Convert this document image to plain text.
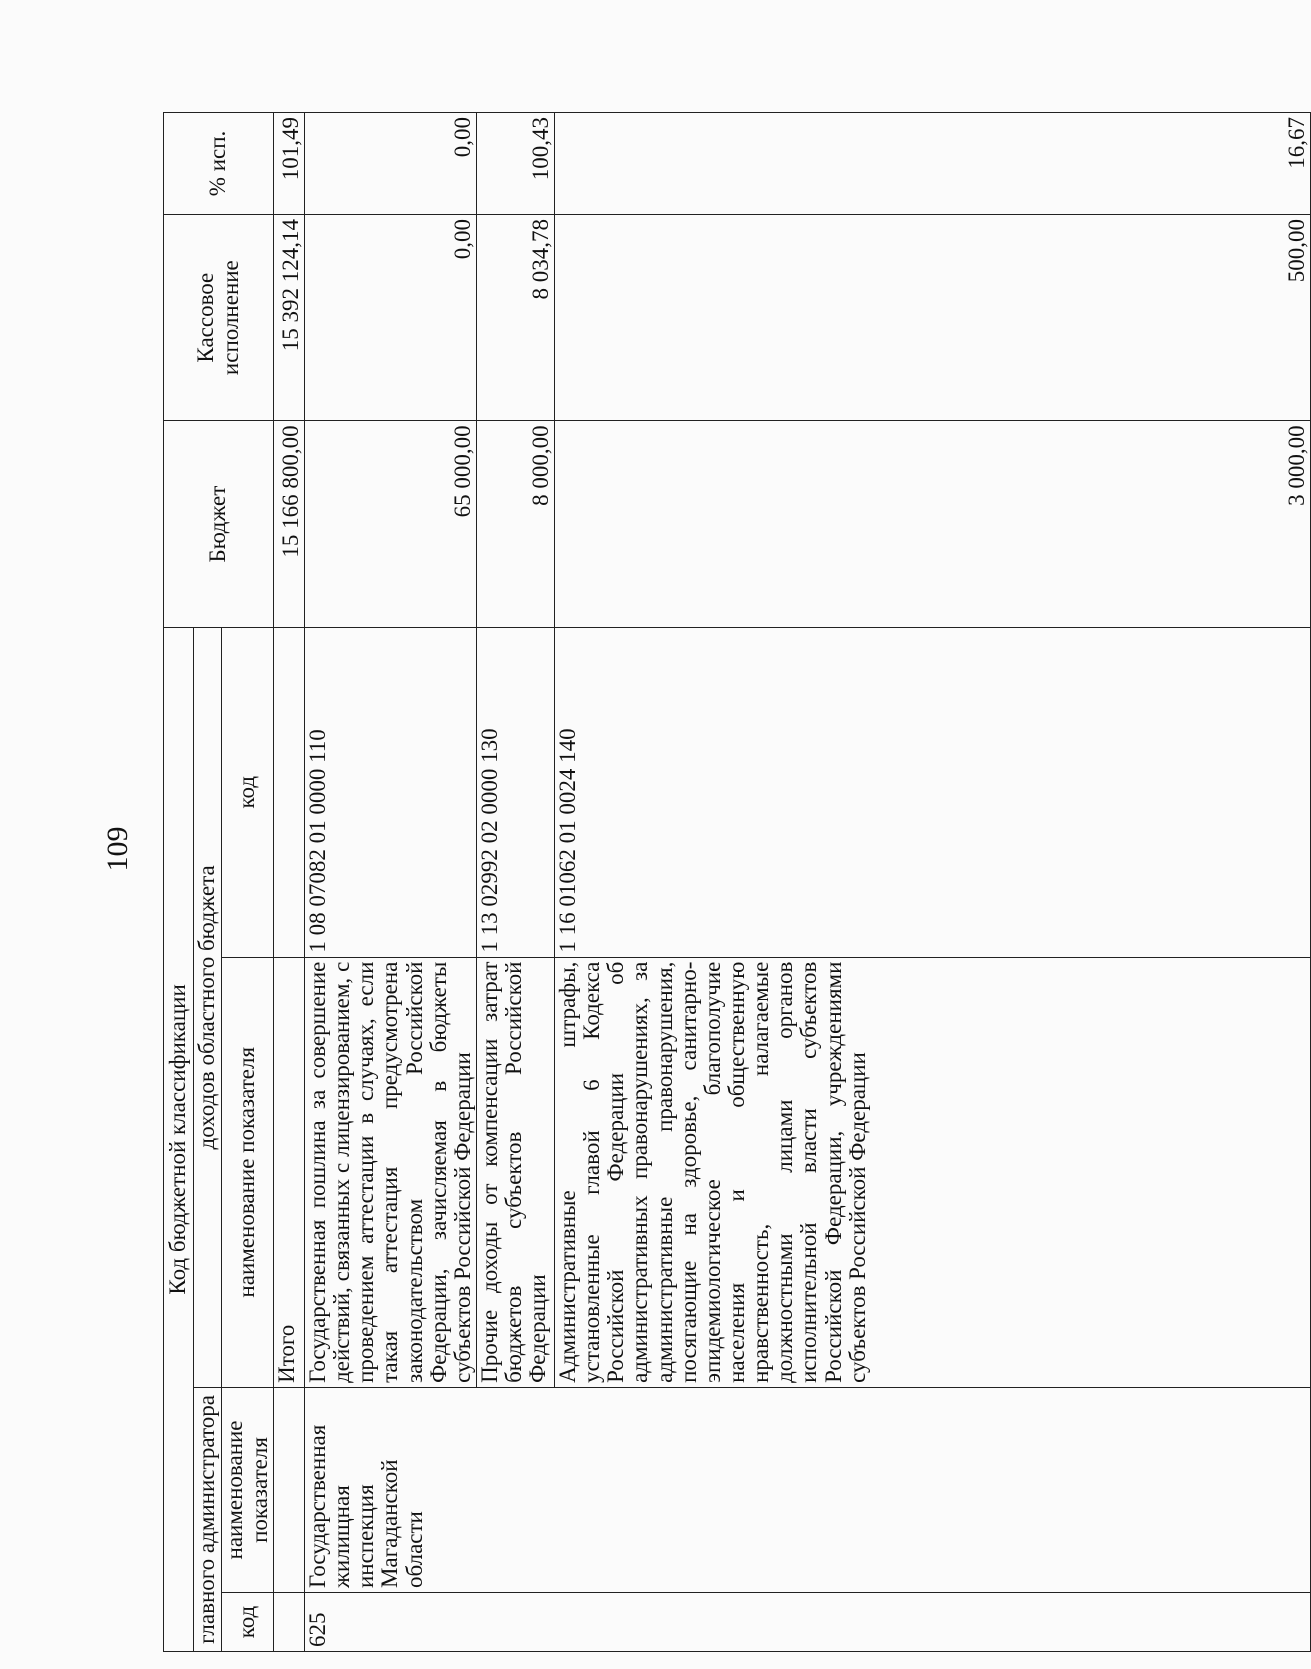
109
Код бюджетной классификации				Бюджет	Кассовое исполнение	% исп.
главного администратора		доходов областного бюджета				
код	наименование показателя	наименование показателя	код			
		Итого		15 166 800,00	15 392 124,14	101,49
625	Государственная жилищная инспекция Магаданской области	Государственная пошлина за совершение действий, связанных с лицензированием, с проведением аттестации в случаях, если такая аттестация предусмотрена законодательством Российской Федерации, зачисляемая в бюджеты субъектов Российской Федерации	1 08 07082 01 0000 110	65 000,00	0,00	0,00
		Прочие доходы от компенсации затрат бюджетов субъектов Российской Федерации	1 13 02992 02 0000 130	8 000,00	8 034,78	100,43
		Административные штрафы, установленные главой 6 Кодекса Российской Федерации об административных правонарушениях, за административные правонарушения, посягающие на здоровье, санитарно-эпидемиологическое благополучие населения и общественную нравственность, налагаемые должностными лицами органов исполнительной власти субъектов Российской Федерации, учреждениями субъектов Российской Федерации	1 16 01062 01 0024 140	3 000,00	500,00	16,67
